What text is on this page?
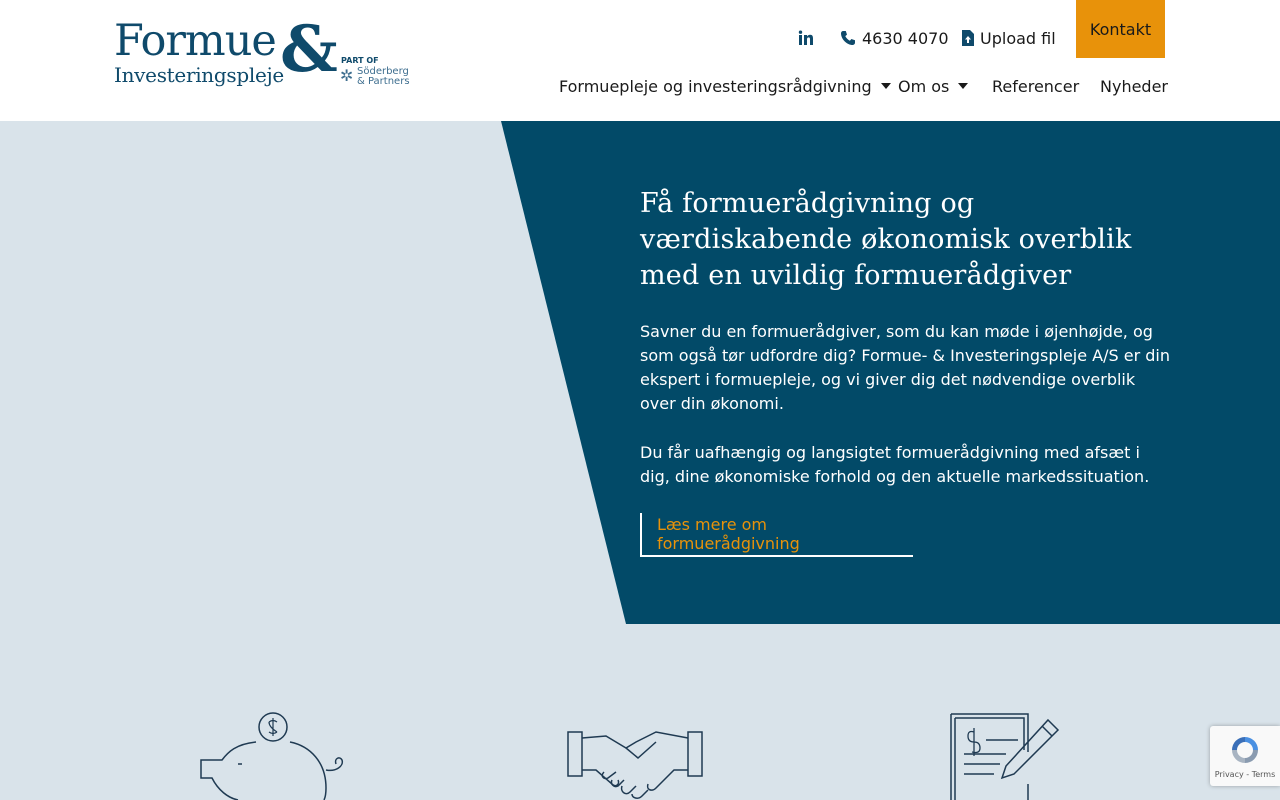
Formue &
Investeringspleje
PART OF
✲ Söderberg
& Partners
4630 4070 Upload fil	Kontakt
Formuepleje og investeringsrådgivning Om os	Referencer Nyheder
Få formuerådgivning og værdiskabende økonomisk overblik med en uvildig formuerådgiver
Savner du en formuerådgiver, som du kan møde i øjenhøjde, og som også tør udfordre dig? Formue- & Investeringspleje A/S er din ekspert i formuepleje, og vi giver dig det nødvendige overblik over din økonomi.
Du får uafhængig og langsigtet formuerådgivning med afsæt i dig, dine økonomiske forhold og den aktuelle markedssituation.
Læs mere om formuerådgivning
Privacy - Terms
